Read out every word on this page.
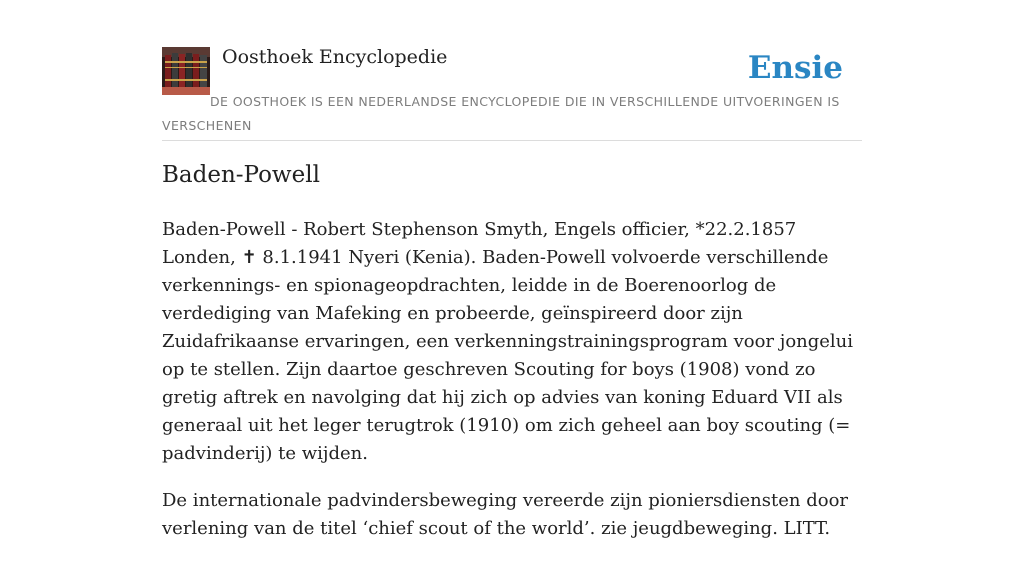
Oosthoek Encyclopedie	Ensie
DE OOSTHOEK IS EEN NEDERLANDSE ENCYCLOPEDIE DIE IN VERSCHILLENDE UITVOERINGEN IS VERSCHENEN
Baden-Powell

Baden-Powell - Robert Stephenson Smyth, Engels officier, *22.2.1857 Londen, ✝ 8.1.1941 Nyeri (Kenia). Baden-Powell volvoerde verschillende verkennings- en spionageopdrachten, leidde in de Boerenoorlog de verdediging van Mafeking en probeerde, geïnspireerd door zijn Zuidafrikaanse ervaringen, een verkenningstrainingsprogram voor jongelui op te stellen. Zijn daartoe geschreven Scouting for boys (1908) vond zo gretig aftrek en navolging dat hij zich op advies van koning Eduard VII als generaal uit het leger terugtrok (1910) om zich geheel aan boy scouting (= padvinderij) te wijden.

De internationale padvindersbeweging vereerde zijn pioniersdiensten door verlening van de titel ‘chief scout of the world’. zie jeugdbeweging. LITT.
